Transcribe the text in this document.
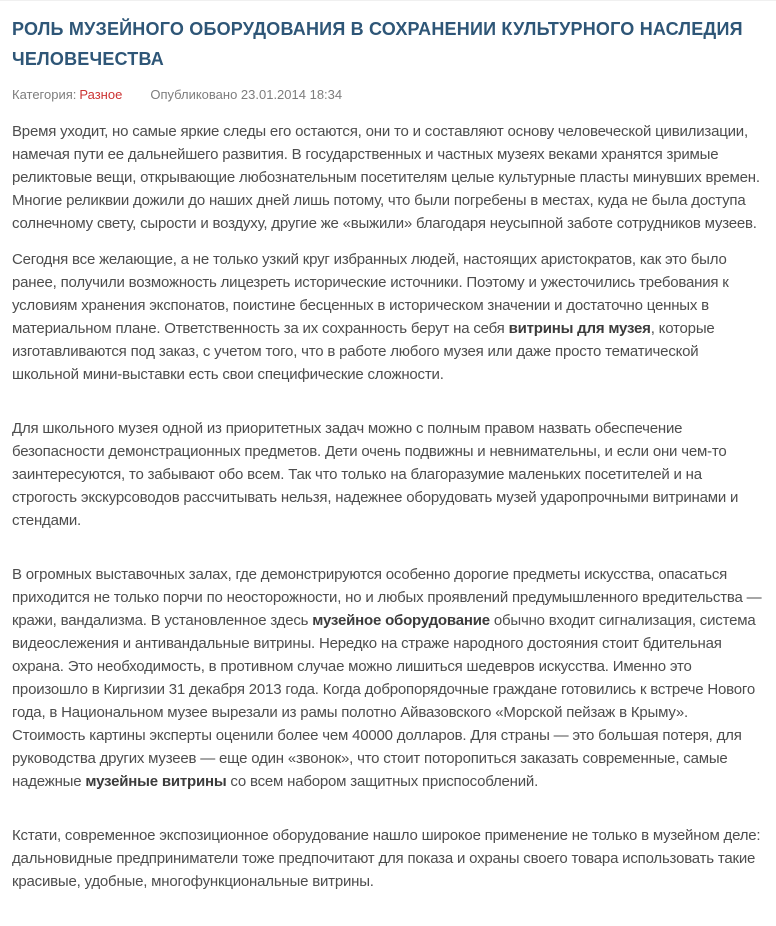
РОЛЬ МУЗЕЙНОГО ОБОРУДОВАНИЯ В СОХРАНЕНИИ КУЛЬТУРНОГО НАСЛЕДИЯ ЧЕЛОВЕЧЕСТВА
Категория: Разное Опубликовано 23.01.2014 18:34

Время уходит, но самые яркие следы его остаются, они то и составляют основу человеческой цивилизации, намечая пути ее дальнейшего развития. В государственных и частных музеях веками хранятся зримые реликтовые вещи, открывающие любознательным посетителям целые культурные пласты минувших времен. Многие реликвии дожили до наших дней лишь потому, что были погребены в местах, куда не была доступа солнечному свету, сырости и воздуху, другие же «выжили» благодаря неусыпной заботе сотрудников музеев.

Сегодня все желающие, а не только узкий круг избранных людей, настоящих аристократов, как это было ранее, получили возможность лицезреть исторические источники. Поэтому и ужесточились требования к условиям хранения экспонатов, поистине бесценных в историческом значении и достаточно ценных в материальном плане. Ответственность за их сохранность берут на себя витрины для музея, которые изготавливаются под заказ, с учетом того, что в работе любого музея или даже просто тематической школьной мини-выставки есть свои специфические сложности.

Для школьного музея одной из приоритетных задач можно с полным правом назвать обеспечение безопасности демонстрационных предметов. Дети очень подвижны и невнимательны, и если они чем-то заинтересуются, то забывают обо всем. Так что только на благоразумие маленьких посетителей и на строгость экскурсоводов рассчитывать нельзя, надежнее оборудовать музей ударопрочными витринами и стендами.

В огромных выставочных залах, где демонстрируются особенно дорогие предметы искусства, опасаться приходится не только порчи по неосторожности, но и любых проявлений предумышленного вредительства — кражи, вандализма. В установленное здесь музейное оборудование обычно входит сигнализация, система видеослежения и антивандальные витрины. Нередко на страже народного достояния стоит бдительная охрана. Это необходимость, в противном случае можно лишиться шедевров искусства. Именно это произошло в Киргизии 31 декабря 2013 года. Когда добропорядочные граждане готовились к встрече Нового года, в Национальном музее вырезали из рамы полотно Айвазовского «Морской пейзаж в Крыму». Стоимость картины эксперты оценили более чем 40000 долларов. Для страны — это большая потеря, для руководства других музеев — еще один «звонок», что стоит поторопиться заказать современные, самые надежные музейные витрины со всем набором защитных приспособлений.

Кстати, современное экспозиционное оборудование нашло широкое применение не только в музейном деле: дальновидные предприниматели тоже предпочитают для показа и охраны своего товара использовать такие красивые, удобные, многофункциональные витрины.
